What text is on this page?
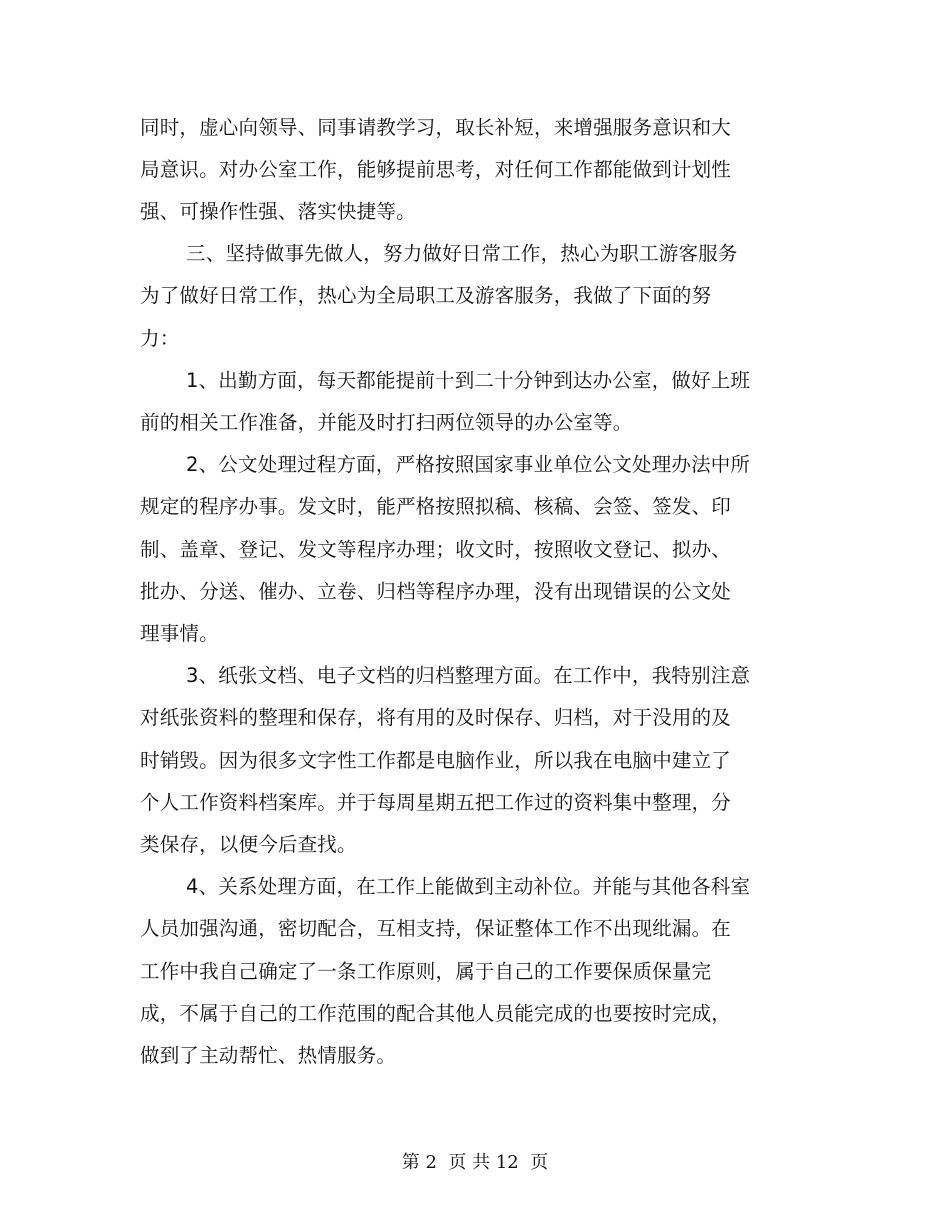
同时，虚心向领导、同事请教学习，取长补短，来增强服务意识和大
局意识。对办公室工作，能够提前思考，对任何工作都能做到计划性
强、可操作性强、落实快捷等。
三、坚持做事先做人，努力做好日常工作，热心为职工游客服务
为了做好日常工作，热心为全局职工及游客服务，我做了下面的努
力：
1、出勤方面，每天都能提前十到二十分钟到达办公室，做好上班
前的相关工作准备，并能及时打扫两位领导的办公室等。
2、公文处理过程方面，严格按照国家事业单位公文处理办法中所
规定的程序办事。发文时，能严格按照拟稿、核稿、会签、签发、印
制、盖章、登记、发文等程序办理；收文时，按照收文登记、拟办、
批办、分送、催办、立卷、归档等程序办理，没有出现错误的公文处
理事情。
3、纸张文档、电子文档的归档整理方面。在工作中，我特别注意
对纸张资料的整理和保存，将有用的及时保存、归档，对于没用的及
时销毁。因为很多文字性工作都是电脑作业，所以我在电脑中建立了
个人工作资料档案库。并于每周星期五把工作过的资料集中整理，分
类保存，以便今后查找。
4、关系处理方面，在工作上能做到主动补位。并能与其他各科室
人员加强沟通，密切配合，互相支持，保证整体工作不出现纰漏。在
工作中我自己确定了一条工作原则，属于自己的工作要保质保量完
成，不属于自己的工作范围的配合其他人员能完成的也要按时完成，
做到了主动帮忙、热情服务。
第 2  页 共 12  页
